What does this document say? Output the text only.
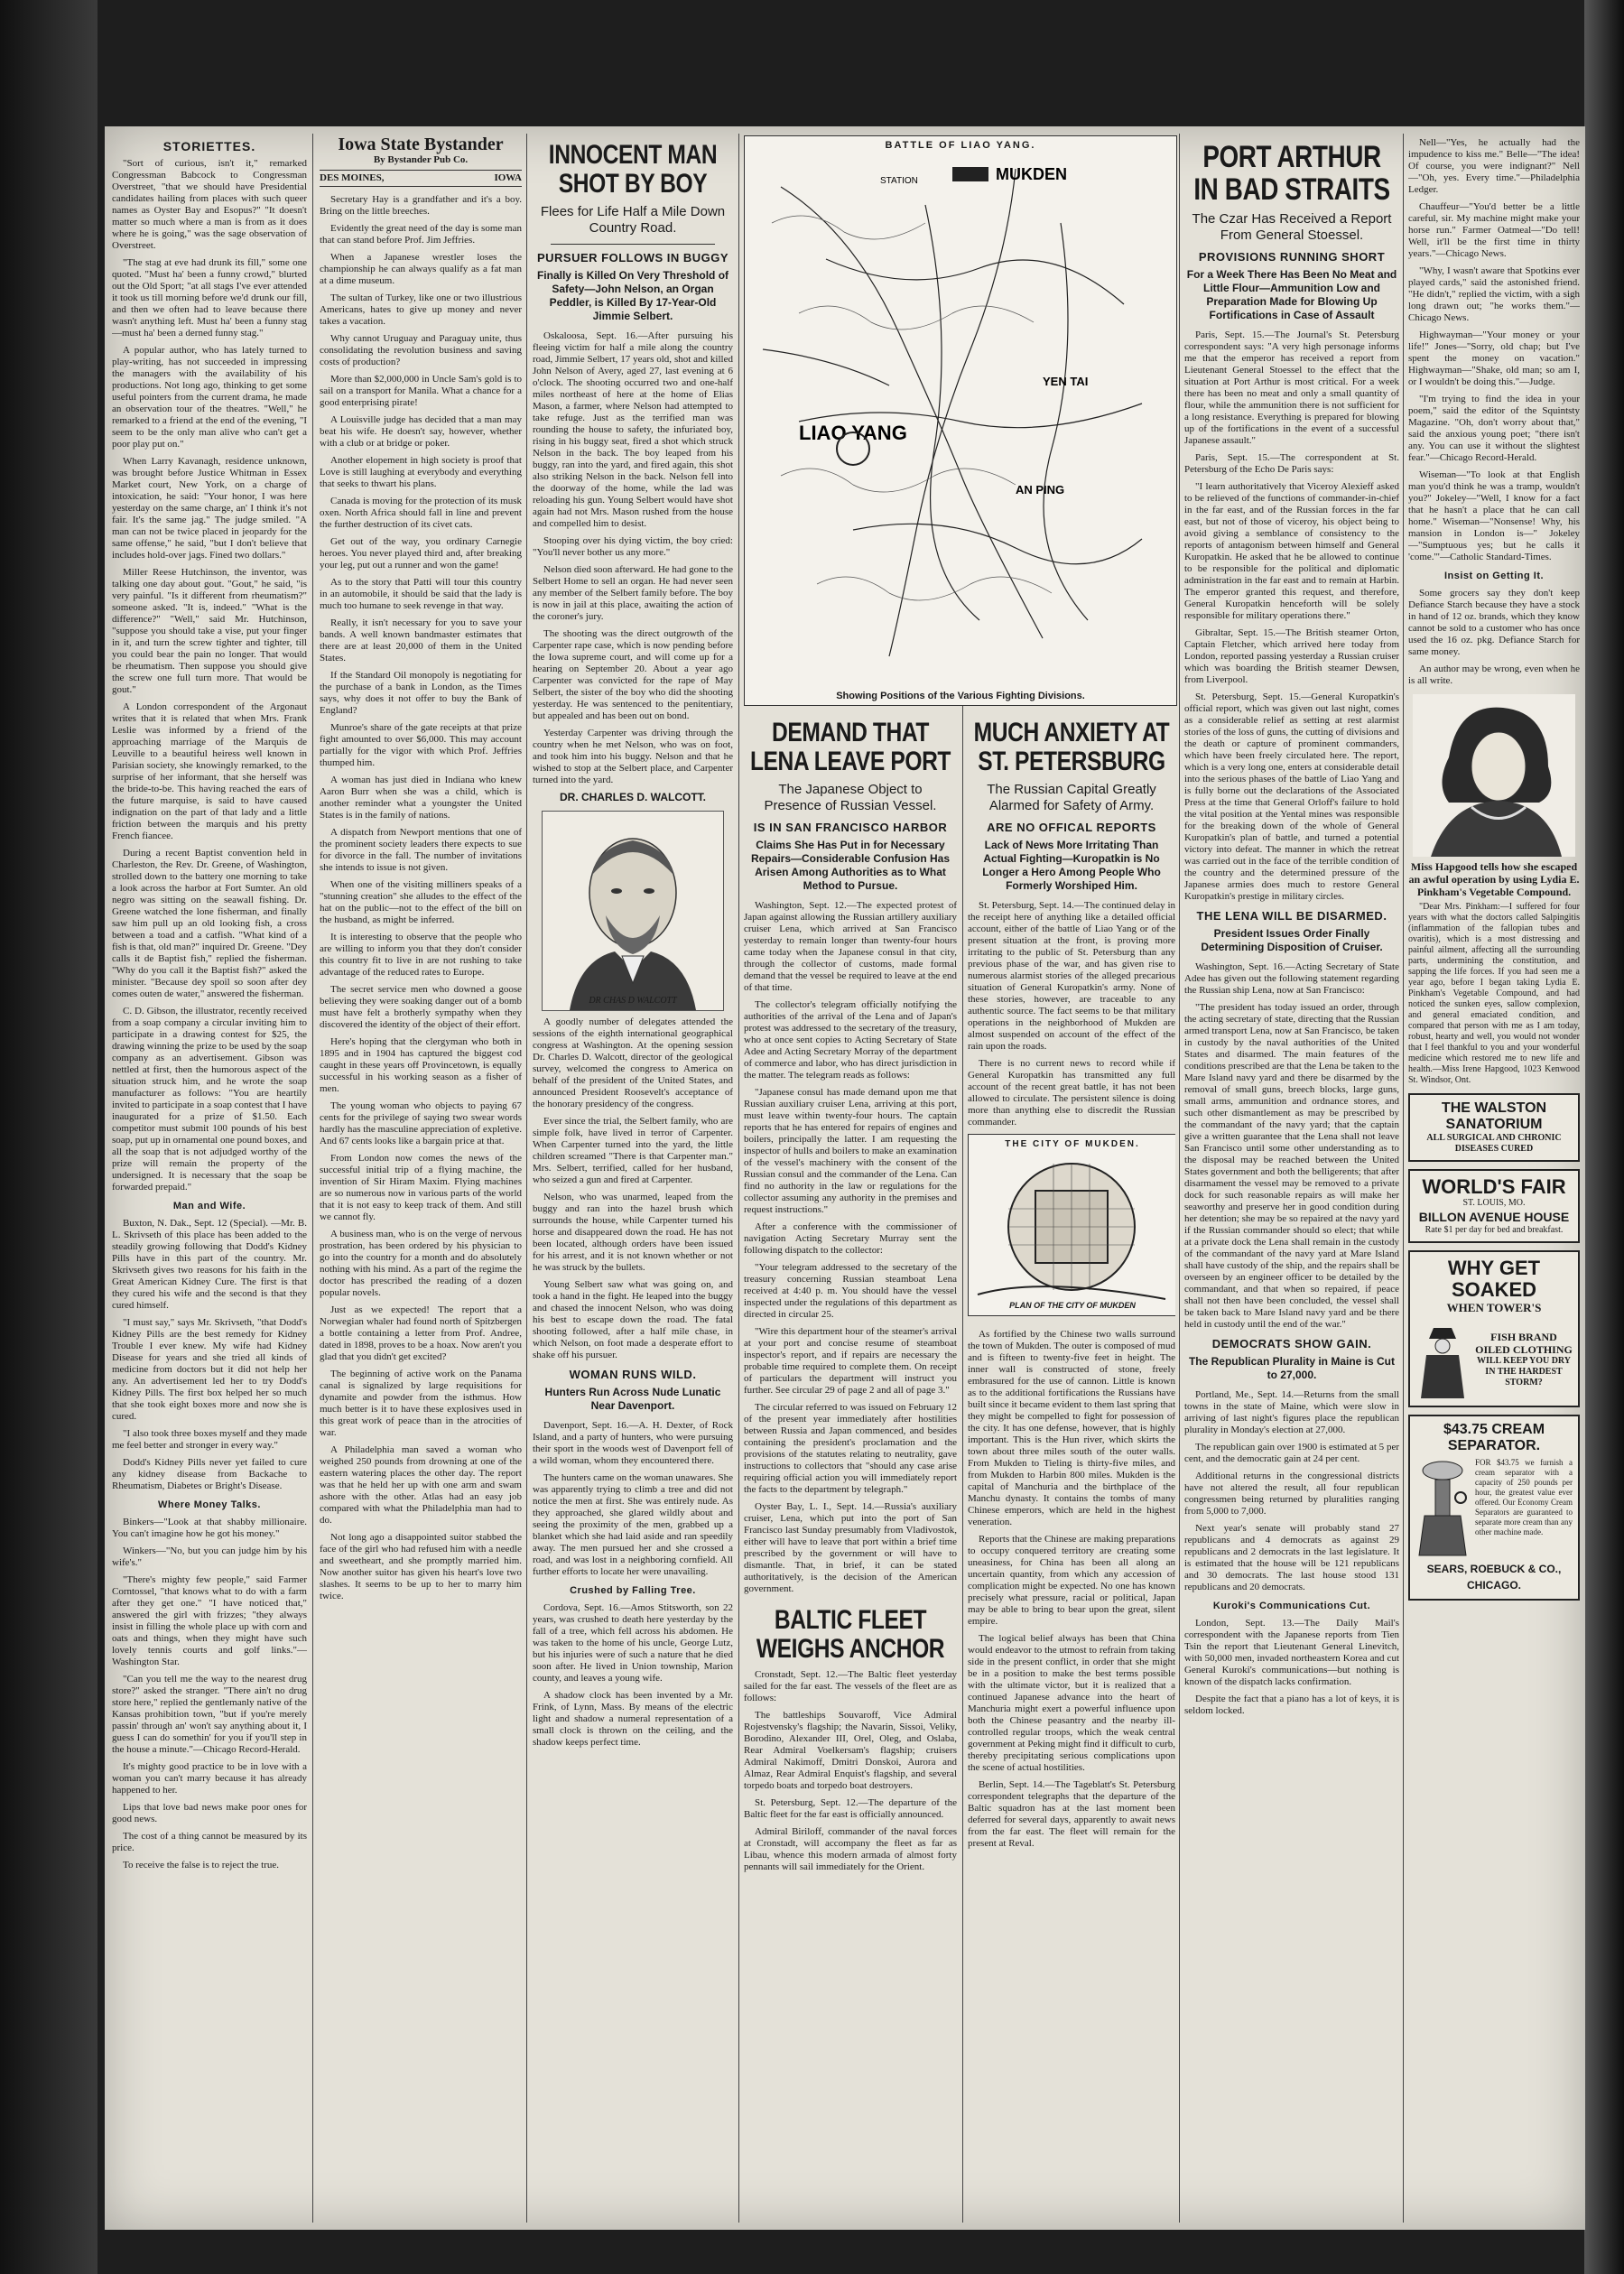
STORIETTES.

"Sort of curious, isn't it," remarked Congressman Babcock to Congressman Overstreet, "that we should have Presidential candidates hailing from places with such queer names as Oyster Bay and Esopus?" "It doesn't matter so much where a man is from as it does where he is going," was the sage observation of Overstreet.

"The stag at eve had drunk its fill," some one quoted. "Must ha' been a funny crowd," blurted out the Old Sport; "at all stags I've ever attended it took us till morning before we'd drunk our fill, and then we often had to leave because there wasn't anything left. Must ha' been a funny stag—must ha' been a derned funny stag."

A popular author, who has lately turned to play-writing, has not succeeded in impressing the managers with the availability of his productions. Not long ago, thinking to get some useful pointers from the current drama, he made an observation tour of the theatres. "Well," he remarked to a friend at the end of the evening, "I seem to be the only man alive who can't get a poor play put on."

When Larry Kavanagh, residence unknown, was brought before Justice Whitman in Essex Market court, New York, on a charge of intoxication, he said: "Your honor, I was here yesterday on the same charge, an' I think it's not fair. It's the same jag." The judge smiled. "A man can not be twice placed in jeopardy for the same offense," he said, "but I don't believe that includes hold-over jags. Fined two dollars."

Miller Reese Hutchinson, the inventor, was talking one day about gout. "Gout," he said, "is very painful. "Is it different from rheumatism?" someone asked. "It is, indeed." "What is the difference?" "Well," said Mr. Hutchinson, "suppose you should take a vise, put your finger in it, and turn the screw tighter and tighter, till you could bear the pain no longer. That would be rheumatism. Then suppose you should give the screw one full turn more. That would be gout."

A London correspondent of the Argonaut writes that it is related that when Mrs. Frank Leslie was informed by a friend of the approaching marriage of the Marquis de Leuville to a beautiful heiress well known in Parisian society, she knowingly remarked, to the surprise of her informant, that she herself was the bride-to-be. This having reached the ears of the future marquise, is said to have caused indignation on the part of that lady and a little friction between the marquis and his pretty French fiancee.

During a recent Baptist convention held in Charleston, the Rev. Dr. Greene, of Washington, strolled down to the battery one morning to take a look across the harbor at Fort Sumter. An old negro was sitting on the seawall fishing. Dr. Greene watched the lone fisherman, and finally saw him pull up an old looking fish, a cross between a toad and a catfish. "What kind of a fish is that, old man?" inquired Dr. Greene. "Dey calls it de Baptist fish," replied the fisherman. "Why do you call it the Baptist fish?" asked the minister. "Because dey spoil so soon after dey comes outen de water," answered the fisherman.

C. D. Gibson, the illustrator, recently received from a soap company a circular inviting him to participate in a drawing contest for $25, the drawing winning the prize to be used by the soap company as an advertisement. Gibson was nettled at first, then the humorous aspect of the situation struck him, and he wrote the soap manufacturer as follows: "You are heartily invited to participate in a soap contest that I have inaugurated for a prize of $1.50. Each competitor must submit 100 pounds of his best soap, put up in ornamental one pound boxes, and all the soap that is not adjudged worthy of the prize will remain the property of the undersigned. It is necessary that the soap be forwarded prepaid."

Man and Wife.

Buxton, N. Dak., Sept. 12 (Special). —Mr. B. L. Skrivseth of this place has been added to the steadily growing following that Dodd's Kidney Pills have in this part of the country. Mr. Skrivseth gives two reasons for his faith in the Great American Kidney Cure. The first is that they cured his wife and the second is that they cured himself.

"I must say," says Mr. Skrivseth, "that Dodd's Kidney Pills are the best remedy for Kidney Trouble I ever knew. My wife had Kidney Disease for years and she tried all kinds of medicine from doctors but it did not help her any. An advertisement led her to try Dodd's Kidney Pills. The first box helped her so much that she took eight boxes more and now she is cured.

"I also took three boxes myself and they made me feel better and stronger in every way."

Dodd's Kidney Pills never yet failed to cure any kidney disease from Backache to Rheumatism, Diabetes or Bright's Disease.

Where Money Talks.

Binkers—"Look at that shabby millionaire. You can't imagine how he got his money."

Winkers—"No, but you can judge him by his wife's."

"There's mighty few people," said Farmer Corntossel, "that knows what to do with a farm after they get one." "I have noticed that," answered the girl with frizzes; "they always insist in filling the whole place up with corn and oats and things, when they might have such lovely tennis courts and golf links."—Washington Star.

"Can you tell me the way to the nearest drug store?" asked the stranger. "There ain't no drug store here," replied the gentlemanly native of the Kansas prohibition town, "but if you're merely passin' through an' won't say anything about it, I guess I can do somethin' for you if you'll step in the house a minute."—Chicago Record-Herald.

It's mighty good practice to be in love with a woman you can't marry because it has already happened to her.

Lips that love bad news make poor ones for good news.

The cost of a thing cannot be measured by its price.

To receive the false is to reject the true.

Iowa State Bystander
By Bystander Pub Co.
DES MOINES,	IOWA

Secretary Hay is a grandfather and it's a boy. Bring on the little breeches.

Evidently the great need of the day is some man that can stand before Prof. Jim Jeffries.

When a Japanese wrestler loses the championship he can always qualify as a fat man at a dime museum.

The sultan of Turkey, like one or two illustrious Americans, hates to give up money and never takes a vacation.

Why cannot Uruguay and Paraguay unite, thus consolidating the revolution business and saving costs of production?

More than $2,000,000 in Uncle Sam's gold is to sail on a transport for Manila. What a chance for a good enterprising pirate!

A Louisville judge has decided that a man may beat his wife. He doesn't say, however, whether with a club or at bridge or poker.

Another elopement in high society is proof that Love is still laughing at everybody and everything that seeks to thwart his plans.

Canada is moving for the protection of its musk oxen. North Africa should fall in line and prevent the further destruction of its civet cats.

Get out of the way, you ordinary Carnegie heroes. You never played third and, after breaking your leg, put out a runner and won the game!

As to the story that Patti will tour this country in an automobile, it should be said that the lady is much too humane to seek revenge in that way.

Really, it isn't necessary for you to save your bands. A well known bandmaster estimates that there are at least 20,000 of them in the United States.

If the Standard Oil monopoly is negotiating for the purchase of a bank in London, as the Times says, why does it not offer to buy the Bank of England?

Munroe's share of the gate receipts at that prize fight amounted to over $6,000. This may account partially for the vigor with which Prof. Jeffries thumped him.

A woman has just died in Indiana who knew Aaron Burr when she was a child, which is another reminder what a youngster the United States is in the family of nations.

A dispatch from Newport mentions that one of the prominent society leaders there expects to sue for divorce in the fall. The number of invitations she intends to issue is not given.

When one of the visiting milliners speaks of a "stunning creation" she alludes to the effect of the hat on the public—not to the effect of the bill on the husband, as might be inferred.

It is interesting to observe that the people who are willing to inform you that they don't consider this country fit to live in are not rushing to take advantage of the reduced rates to Europe.

The secret service men who downed a goose believing they were soaking danger out of a bomb must have felt a brotherly sympathy when they discovered the identity of the object of their effort.

Here's hoping that the clergyman who both in 1895 and in 1904 has captured the biggest cod caught in these years off Provincetown, is equally successful in his working season as a fisher of men.

The young woman who objects to paying 67 cents for the privilege of saying two swear words hardly has the masculine appreciation of expletive. And 67 cents looks like a bargain price at that.

From London now comes the news of the successful initial trip of a flying machine, the invention of Sir Hiram Maxim. Flying machines are so numerous now in various parts of the world that it is not easy to keep track of them. And still we cannot fly.

A business man, who is on the verge of nervous prostration, has been ordered by his physician to go into the country for a month and do absolutely nothing with his mind. As a part of the regime the doctor has prescribed the reading of a dozen popular novels.

Just as we expected! The report that a Norwegian whaler had found north of Spitzbergen a bottle containing a letter from Prof. Andree, dated in 1898, proves to be a hoax. Now aren't you glad that you didn't get excited?

The beginning of active work on the Panama canal is signalized by large requisitions for dynamite and powder from the isthmus. How much better is it to have these explosives used in this great work of peace than in the atrocities of war.

A Philadelphia man saved a woman who weighed 250 pounds from drowning at one of the eastern watering places the other day. The report was that he held her up with one arm and swam ashore with the other. Atlas had an easy job compared with what the Philadelphia man had to do.

Not long ago a disappointed suitor stabbed the face of the girl who had refused him with a needle and sweetheart, and she promptly married him. Now another suitor has given his heart's love two slashes. It seems to be up to her to marry him twice.

INNOCENT MAN SHOT BY BOY
Flees for Life Half a Mile Down Country Road.
PURSUER FOLLOWS IN BUGGY
Finally is Killed On Very Threshold of Safety—John Nelson, an Organ Peddler, is Killed By 17-Year-Old Jimmie Selbert.

Oskaloosa, Sept. 16.—After pursuing his fleeing victim for half a mile along the country road, Jimmie Selbert, 17 years old, shot and killed John Nelson of Avery, aged 27, last evening at 6 o'clock. The shooting occurred two and one-half miles northeast of here at the home of Elias Mason, a farmer, where Nelson had attempted to take refuge. Just as the terrified man was rounding the house to safety, the infuriated boy, rising in his buggy seat, fired a shot which struck Nelson in the back. The boy leaped from his buggy, ran into the yard, and fired again, this shot also striking Nelson in the back. Nelson fell into the doorway of the home, while the lad was reloading his gun. Young Selbert would have shot again had not Mrs. Mason rushed from the house and compelled him to desist.

Stooping over his dying victim, the boy cried: "You'll never bother us any more."

Nelson died soon afterward. He had gone to the Selbert Home to sell an organ. He had never seen any member of the Selbert family before. The boy is now in jail at this place, awaiting the action of the coroner's jury.

The shooting was the direct outgrowth of the Carpenter rape case, which is now pending before the Iowa supreme court, and will come up for a hearing on September 20. About a year ago Carpenter was convicted for the rape of May Selbert, the sister of the boy who did the shooting yesterday. He was sentenced to the penitentiary, but appealed and has been out on bond.

Yesterday Carpenter was driving through the country when he met Nelson, who was on foot, and took him into his buggy. Nelson and that he wished to stop at the Selbert place, and Carpenter turned into the yard.

DR. CHARLES D. WALCOTT.
DR CHAS D WALCOTT

A goodly number of delegates attended the sessions of the eighth international geographical congress at Washington. At the opening session Dr. Charles D. Walcott, director of the geological survey, welcomed the congress to America on behalf of the president of the United States, and announced President Roosevelt's acceptance of the honorary presidency of the congress.

Ever since the trial, the Selbert family, who are simple folk, have lived in terror of Carpenter. When Carpenter turned into the yard, the little children screamed "There is that Carpenter man." Mrs. Selbert, terrified, called for her husband, who seized a gun and fired at Carpenter.

Nelson, who was unarmed, leaped from the buggy and ran into the hazel brush which surrounds the house, while Carpenter turned his horse and disappeared down the road. He has not been located, although orders have been issued for his arrest, and it is not known whether or not he was struck by the bullets.

Young Selbert saw what was going on, and took a hand in the fight. He leaped into the buggy and chased the innocent Nelson, who was doing his best to escape down the road. The fatal shooting followed, after a half mile chase, in which Nelson, on foot made a desperate effort to shake off his pursuer.

WOMAN RUNS WILD.
Hunters Run Across Nude Lunatic Near Davenport.

Davenport, Sept. 16.—A. H. Dexter, of Rock Island, and a party of hunters, who were pursuing their sport in the woods west of Davenport fell of a wild woman, whom they encountered there.

The hunters came on the woman unawares. She was apparently trying to climb a tree and did not notice the men at first. She was entirely nude. As they approached, she glared wildly about and seeing the proximity of the men, grabbed up a blanket which she had laid aside and ran speedily away. The men pursued her and she crossed a road, and was lost in a neighboring cornfield. All further efforts to locate her were unavailing.

Crushed by Falling Tree.

Cordova, Sept. 16.—Amos Stitsworth, son 22 years, was crushed to death here yesterday by the fall of a tree, which fell across his abdomen. He was taken to the home of his uncle, George Lutz, but his injuries were of such a nature that he died soon after. He lived in Union township, Marion county, and leaves a young wife.

A shadow clock has been invented by a Mr. Frink, of Lynn, Mass. By means of the electric light and shadow a numeral representation of a small clock is thrown on the ceiling, and the shadow keeps perfect time.

BATTLE OF LIAO YANG.
MUKDEN
STATION
LIAO YANG
YEN TAI
AN PING
Showing Positions of the Various Fighting Divisions.
DEMAND THAT LENA LEAVE PORT
The Japanese Object to Presence of Russian Vessel.
IS IN SAN FRANCISCO HARBOR
Claims She Has Put in for Necessary Repairs—Considerable Confusion Has Arisen Among Authorities as to What Method to Pursue.

Washington, Sept. 12.—The expected protest of Japan against allowing the Russian artillery auxiliary cruiser Lena, which arrived at San Francisco yesterday to remain longer than twenty-four hours came today when the Japanese consul in that city, through the collector of customs, made formal demand that the vessel be required to leave at the end of that time.

The collector's telegram officially notifying the authorities of the arrival of the Lena and of Japan's protest was addressed to the secretary of the treasury, who at once sent copies to Acting Secretary of State Adee and Acting Secretary Morray of the department of commerce and labor, who has direct jurisdiction in the matter. The telegram reads as follows:

"Japanese consul has made demand upon me that Russian auxiliary cruiser Lena, arriving at this port, must leave within twenty-four hours. The captain reports that he has entered for repairs of engines and boilers, principally the latter. I am requesting the inspector of hulls and boilers to make an examination of the vessel's machinery with the consent of the Russian consul and the commander of the Lena. Can find no authority in the law or regulations for the collector assuming any authority in the premises and request instructions."

After a conference with the commissioner of navigation Acting Secretary Murray sent the following dispatch to the collector:

"Your telegram addressed to the secretary of the treasury concerning Russian steamboat Lena received at 4:40 p. m. You should have the vessel inspected under the regulations of this department as directed in circular 25.

"Wire this department hour of the steamer's arrival at your port and concise resume of steamboat inspector's report, and if repairs are necessary the probable time required to complete them. On receipt of particulars the department will instruct you further. See circular 29 of page 2 and all of page 3."

The circular referred to was issued on February 12 of the present year immediately after hostilities between Russia and Japan commenced, and besides containing the president's proclamation and the provisions of the statutes relating to neutrality, gave instructions to collectors that "should any case arise requiring official action you will immediately report the facts to the department by telegraph."

Oyster Bay, L. I., Sept. 14.—Russia's auxiliary cruiser, Lena, which put into the port of San Francisco last Sunday presumably from Vladivostok, either will have to leave that port within a brief time prescribed by the government or will have to dismantle. That, in brief, it can be stated authoritatively, is the decision of the American government.

BALTIC FLEET WEIGHS ANCHOR

Cronstadt, Sept. 12.—The Baltic fleet yesterday sailed for the far east. The vessels of the fleet are as follows:

The battleships Souvaroff, Vice Admiral Rojestvensky's flagship; the Navarin, Sissoi, Veliky, Borodino, Alexander III, Orel, Oleg, and Oslaba, Rear Admiral Voelkersam's flagship; cruisers Admiral Nakimoff, Dmitri Donskoi, Aurora and Almaz, Rear Admiral Enquist's flagship, and several torpedo boats and torpedo boat destroyers.

St. Petersburg, Sept. 12.—The departure of the Baltic fleet for the far east is officially announced.

Admiral Biriloff, commander of the naval forces at Cronstadt, will accompany the fleet as far as Libau, whence this modern armada of almost forty pennants will sail immediately for the Orient.

MUCH ANXIETY AT ST. PETERSBURG
The Russian Capital Greatly Alarmed for Safety of Army.
ARE NO OFFICAL REPORTS
Lack of News More Irritating Than Actual Fighting—Kuropatkin is No Longer a Hero Among People Who Formerly Worshiped Him.

St. Petersburg, Sept. 14.—The continued delay in the receipt here of anything like a detailed official account, either of the battle of Liao Yang or of the present situation at the front, is proving more irritating to the public of St. Petersburg than any previous phase of the war, and has given rise to numerous alarmist stories of the alleged precarious situation of General Kuropatkin's army. None of these stories, however, are traceable to any authentic source. The fact seems to be that military operations in the neighborhood of Mukden are almost suspended on account of the effect of the rain upon the roads.

There is no current news to record while if General Kuropatkin has transmitted any full account of the recent great battle, it has not been allowed to circulate. The persistent silence is doing more than anything else to discredit the Russian commander.

THE CITY OF MUKDEN.
PLAN OF THE CITY OF MUKDEN

As fortified by the Chinese two walls surround the town of Mukden. The outer is composed of mud and is fifteen to twenty-five feet in height. The inner wall is constructed of stone, freely embrasured for the use of cannon. Little is known as to the additional fortifications the Russians have built since it became evident to them last spring that they might be compelled to fight for possession of the city. It has one defense, however, that is highly important. This is the Hun river, which skirts the town about three miles south of the outer walls. From Mukden to Tieling is thirty-five miles, and from Mukden to Harbin 800 miles. Mukden is the capital of Manchuria and the birthplace of the Manchu dynasty. It contains the tombs of many Chinese emperors, which are held in the highest veneration.

Reports that the Chinese are making preparations to occupy conquered territory are creating some uneasiness, for China has been all along an uncertain quantity, from which any accession of complication might be expected. No one has known precisely what pressure, racial or political, Japan may be able to bring to bear upon the great, silent empire.

The logical belief always has been that China would endeavor to the utmost to refrain from taking side in the present conflict, in order that she might be in a position to make the best terms possible with the ultimate victor, but it is realized that a continued Japanese advance into the heart of Manchuria might exert a powerful influence upon both the Chinese peasantry and the nearby ill-controlled regular troops, which the weak central government at Peking might find it difficult to curb, thereby precipitating serious complications upon the scene of actual hostilities.

Berlin, Sept. 14.—The Tageblatt's St. Petersburg correspondent telegraphs that the departure of the Baltic squadron has at the last moment been deferred for several days, apparently to await news from the far east. The fleet will remain for the present at Reval.

PORT ARTHUR IN BAD STRAITS
The Czar Has Received a Report From General Stoessel.
PROVISIONS RUNNING SHORT
For a Week There Has Been No Meat and Little Flour—Ammunition Low and Preparation Made for Blowing Up Fortifications in Case of Assault

Paris, Sept. 15.—The Journal's St. Petersburg correspondent says: "A very high personage informs me that the emperor has received a report from Lieutenant General Stoessel to the effect that the situation at Port Arthur is most critical. For a week there has been no meat and only a small quantity of flour, while the ammunition there is not sufficient for a long resistance. Everything is prepared for blowing up of the fortifications in the event of a successful Japanese assault."

Paris, Sept. 15.—The correspondent at St. Petersburg of the Echo De Paris says:

"I learn authoritatively that Viceroy Alexieff asked to be relieved of the functions of commander-in-chief in the far east, and of the Russian forces in the far east, but not of those of viceroy, his object being to avoid giving a semblance of consistency to the reports of antagonism between himself and General Kuropatkin. He asked that he be allowed to continue to be responsible for the political and diplomatic administration in the far east and to remain at Harbin. The emperor granted this request, and therefore, General Kuropatkin henceforth will be solely responsible for military operations there."

Gibraltar, Sept. 15.—The British steamer Orton, Captain Fletcher, which arrived here today from London, reported passing yesterday a Russian cruiser which was boarding the British steamer Dewsen, from Liverpool.

St. Petersburg, Sept. 15.—General Kuropatkin's official report, which was given out last night, comes as a considerable relief as setting at rest alarmist stories of the loss of guns, the cutting of divisions and the death or capture of prominent commanders, which have been freely circulated here. The report, which is a very long one, enters at considerable detail into the serious phases of the battle of Liao Yang and is fully borne out the declarations of the Associated Press at the time that General Orloff's failure to hold the vital position at the Yental mines was responsible for the breaking down of the whole of General Kuropatkin's plan of battle, and turned a potential victory into defeat. The manner in which the retreat was carried out in the face of the terrible condition of the country and the determined pressure of the Japanese armies does much to restore General Kuropatkin's prestige in military circles.

THE LENA WILL BE DISARMED.
President Issues Order Finally Determining Disposition of Cruiser.

Washington, Sept. 16.—Acting Secretary of State Adee has given out the following statement regarding the Russian ship Lena, now at San Francisco:

"The president has today issued an order, through the acting secretary of state, directing that the Russian armed transport Lena, now at San Francisco, be taken in custody by the naval authorities of the United States and disarmed. The main features of the conditions prescribed are that the Lena be taken to the Mare Island navy yard and there be disarmed by the removal of small guns, breech blocks, large guns, small arms, ammunition and ordnance stores, and such other dismantlement as may be prescribed by the commandant of the navy yard; that the captain give a written guarantee that the Lena shall not leave San Francisco until some other understanding as to the disposal may be reached between the United States government and both the belligerents; that after disarmament the vessel may be removed to a private dock for such reasonable repairs as will make her seaworthy and preserve her in good condition during her detention; she may be so repaired at the navy yard if the Russian commander should so elect; that while at a private dock the Lena shall remain in the custody of the commandant of the navy yard at Mare Island shall have custody of the ship, and the repairs shall be overseen by an engineer officer to be detailed by the commandant, and that when so repaired, if peace shall not then have been concluded, the vessel shall be taken back to Mare Island navy yard and be there held in custody until the end of the war."

DEMOCRATS SHOW GAIN.
The Republican Plurality in Maine is Cut to 27,000.

Portland, Me., Sept. 14.—Returns from the small towns in the state of Maine, which were slow in arriving of last night's figures place the republican plurality in Monday's election at 27,000.

The republican gain over 1900 is estimated at 5 per cent, and the democratic gain at 24 per cent.

Additional returns in the congressional districts have not altered the result, all four republican congressmen being returned by pluralities ranging from 5,000 to 7,000.

Next year's senate will probably stand 27 republicans and 4 democrats as against 29 republicans and 2 democrats in the last legislature. It is estimated that the house will be 121 republicans and 30 democrats. The last house stood 131 republicans and 20 democrats.

Kuroki's Communications Cut.

London, Sept. 13.—The Daily Mail's correspondent with the Japanese reports from Tien Tsin the report that Lieutenant General Linevitch, with 50,000 men, invaded northeastern Korea and cut General Kuroki's communications—but nothing is known of the dispatch lacks confirmation.

Despite the fact that a piano has a lot of keys, it is seldom locked.

Nell—"Yes, he actually had the impudence to kiss me." Belle—"The idea! Of course, you were indignant?" Nell—"Oh, yes. Every time."—Philadelphia Ledger.

Chauffeur—"You'd better be a little careful, sir. My machine might make your horse run." Farmer Oatmeal—"Do tell! Well, it'll be the first time in thirty years."—Chicago News.

"Why, I wasn't aware that Spotkins ever played cards," said the astonished friend. "He didn't," replied the victim, with a sigh long drawn out; "he works them."—Chicago News.

Highwayman—"Your money or your life!" Jones—"Sorry, old chap; but I've spent the money on vacation." Highwayman—"Shake, old man; so am I, or I wouldn't be doing this."—Judge.

"I'm trying to find the idea in your poem," said the editor of the Squintsty Magazine. "Oh, don't worry about that," said the anxious young poet; "there isn't any. You can use it without the slightest fear."—Chicago Record-Herald.

Wiseman—"To look at that English man you'd think he was a tramp, wouldn't you?" Jokeley—"Well, I know for a fact that he hasn't a place that he can call home." Wiseman—"Nonsense! Why, his mansion in London is—" Jokeley—"Sumptuous yes; but he calls it 'come.'"—Catholic Standard-Times.

Insist on Getting It.

Some grocers say they don't keep Defiance Starch because they have a stock in hand of 12 oz. brands, which they know cannot be sold to a customer who has once used the 16 oz. pkg. Defiance Starch for same money.

An author may be wrong, even when he is all write.

Miss Hapgood tells how she escaped an awful operation by using Lydia E. Pinkham's Vegetable Compound.

"Dear Mrs. Pinkham:—I suffered for four years with what the doctors called Salpingitis (inflammation of the fallopian tubes and ovaritis), which is a most distressing and painful ailment, affecting all the surrounding parts, undermining the constitution, and sapping the life forces. If you had seen me a year ago, before I began taking Lydia E. Pinkham's Vegetable Compound, and had noticed the sunken eyes, sallow complexion, and general emaciated condition, and compared that person with me as I am today, robust, hearty and well, you would not wonder that I feel thankful to you and your wonderful medicine which restored me to new life and health.—Miss Irene Hapgood, 1023 Kenwood St. Windsor, Ont.

THE WALSTON SANATORIUM
ALL SURGICAL AND CHRONIC DISEASES CURED
WORLD'S FAIR
ST. LOUIS, MO.
BILLON AVENUE HOUSE
Rate $1 per day for bed and breakfast.
WHY GET SOAKED
WHEN TOWER'S
FISH BRAND OILED CLOTHING
WILL KEEP YOU DRY IN THE HARDEST STORM?
$43.75 CREAM SEPARATOR.
FOR $43.75 we furnish a cream separator with a capacity of 250 pounds per hour, the greatest value ever offered. Our Economy Cream Separators are guaranteed to separate more cream than any other machine made.
SEARS, ROEBUCK & CO., CHICAGO.
